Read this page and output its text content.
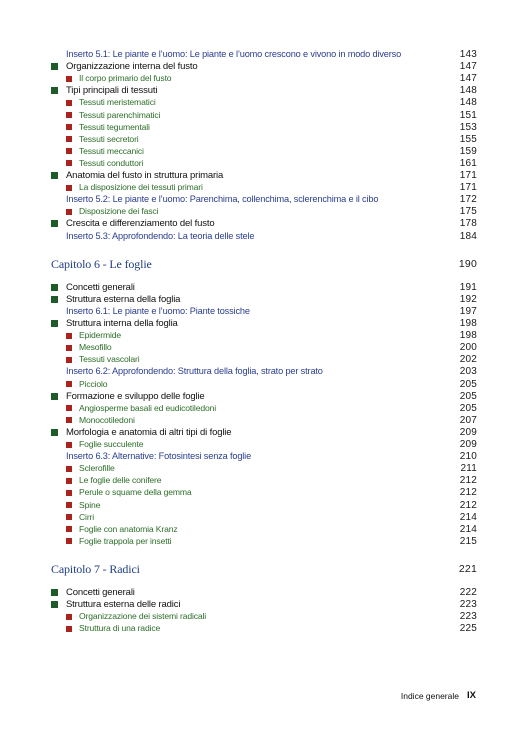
Inserto 5.1: Le piante e l’uomo: Le piante e l’uomo crescono e vivono in modo diverso	143
Organizzazione interna del fusto	147
Il corpo primario del fusto	147
Tipi principali di tessuti	148
Tessuti meristematici	148
Tessuti parenchimatici	151
Tessuti tegumentali	153
Tessuti secretori	155
Tessuti meccanici	159
Tessuti conduttori	161
Anatomia del fusto in struttura primaria	171
La disposizione dei tessuti primari	171
Inserto 5.2: Le piante e l’uomo: Parenchima, collenchima, sclerenchima e il cibo	172
Disposizione dei fasci	175
Crescita e differenziamento del fusto	178
Inserto 5.3: Approfondendo: La teoria delle stele	184
Capitolo 6 - Le foglie	190
Concetti generali	191
Struttura esterna della foglia	192
Inserto 6.1: Le piante e l’uomo: Piante tossiche	197
Struttura interna della foglia	198
Epidermide	198
Mesofillo	200
Tessuti vascolari	202
Inserto 6.2: Approfondendo: Struttura della foglia, strato per strato	203
Picciolo	205
Formazione e sviluppo delle foglie	205
Angiosperme basali ed eudicotiledoni	205
Monocotiledoni	207
Morfologia e anatomia di altri tipi di foglie	209
Foglie succulente	209
Inserto 6.3: Alternative: Fotosintesi senza foglie	210
Sclerofille	211
Le foglie delle conifere	212
Perule o squame della gemma	212
Spine	212
Cirri	214
Foglie con anatomia Kranz	214
Foglie trappola per insetti	215
Capitolo 7 - Radici	221
Concetti generali	222
Struttura esterna delle radici	223
Organizzazione dei sistemi radicali	223
Struttura di una radice	225
Indice generale IX
